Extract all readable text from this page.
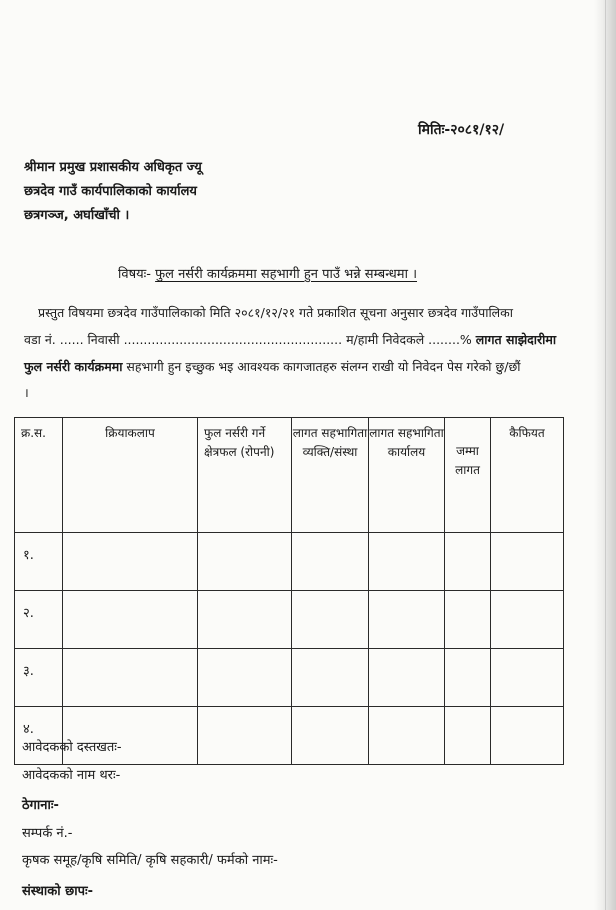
मितिः-२०८१/१२/
श्रीमान प्रमुख प्रशासकीय अधिकृत ज्यू
छत्रदेव गाउँ कार्यपालिकाको कार्यालय
छत्रगञ्ज, अर्घाखाँची ।
विषयः- फुल नर्सरी कार्यक्रममा सहभागी हुन पाउँ भन्ने सम्बन्धमा ।
प्रस्तुत विषयमा छत्रदेव गाउँपालिकाको मिति २०८१/१२/२१ गते प्रकाशित सूचना अनुसार छत्रदेव गाउँपालिका
वडा नं. ...... निवासी ....................................................... म/हामी निवेदकले ........% लागत साझेदारीमा
फुल नर्सरी कार्यक्रममा सहभागी हुन इच्छुक भइ आवश्यक कागजातहरु संलग्न राखी यो निवेदन पेस गरेको छु/छौं
।
क्र.स.	क्रियाकलाप	फुल नर्सरी गर्ने क्षेत्रफल (रोपनी)	लागत सहभागिता व्यक्ति/संस्था	लागत सहभागिता कार्यालय	जम्मा लागत	कैफियत
१.						
२.						
३.						
४.						
आवेदकको दस्तखतः-
आवेदकको नाम थरः-
ठेगानाः-
सम्पर्क नं.-
कृषक समूह/कृषि समिति/ कृषि सहकारी/ फर्मको नामः-
संस्थाको छापः-
